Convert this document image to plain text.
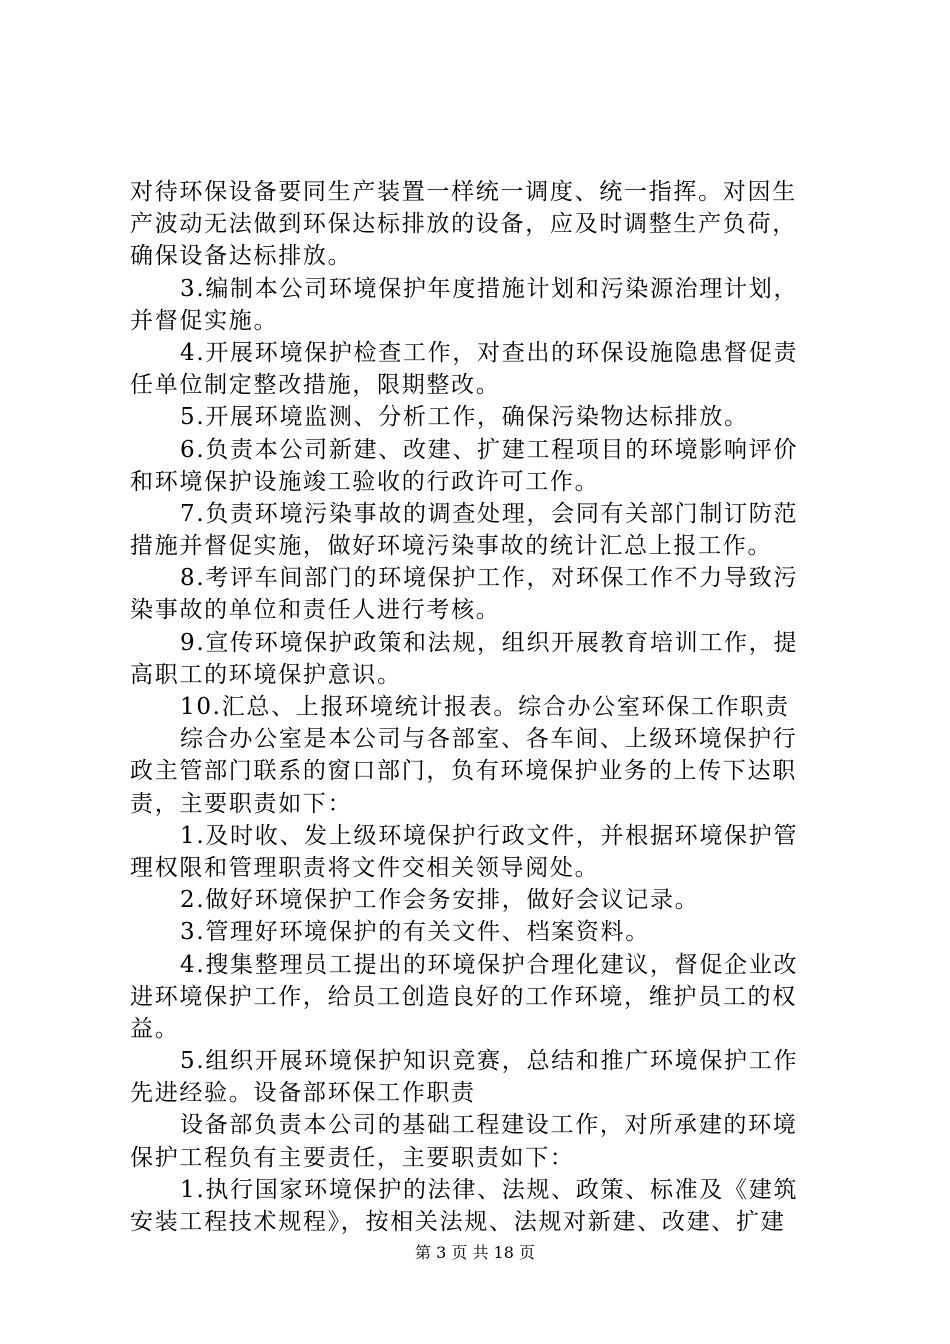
对待环保设备要同生产装置一样统一调度、统一指挥。对因生
产波动无法做到环保达标排放的设备，应及时调整生产负荷，
确保设备达标排放。
3.编制本公司环境保护年度措施计划和污染源治理计划，
并督促实施。
4.开展环境保护检查工作，对查出的环保设施隐患督促责
任单位制定整改措施，限期整改。
5.开展环境监测、分析工作，确保污染物达标排放。
6.负责本公司新建、改建、扩建工程项目的环境影响评价
和环境保护设施竣工验收的行政许可工作。
7.负责环境污染事故的调查处理，会同有关部门制订防范
措施并督促实施，做好环境污染事故的统计汇总上报工作。
8.考评车间部门的环境保护工作，对环保工作不力导致污
染事故的单位和责任人进行考核。
9.宣传环境保护政策和法规，组织开展教育培训工作，提
高职工的环境保护意识。
10.汇总、上报环境统计报表。综合办公室环保工作职责
综合办公室是本公司与各部室、各车间、上级环境保护行
政主管部门联系的窗口部门，负有环境保护业务的上传下达职
责，主要职责如下：
1.及时收、发上级环境保护行政文件，并根据环境保护管
理权限和管理职责将文件交相关领导阅处。
2.做好环境保护工作会务安排，做好会议记录。
3.管理好环境保护的有关文件、档案资料。
4.搜集整理员工提出的环境保护合理化建议，督促企业改
进环境保护工作，给员工创造良好的工作环境，维护员工的权
益。
5.组织开展环境保护知识竞赛，总结和推广环境保护工作
先进经验。设备部环保工作职责
设备部负责本公司的基础工程建设工作，对所承建的环境
保护工程负有主要责任，主要职责如下：
1.执行国家环境保护的法律、法规、政策、标准及《建筑
安装工程技术规程》，按相关法规、法规对新建、改建、扩建
第 3 页 共 18 页
